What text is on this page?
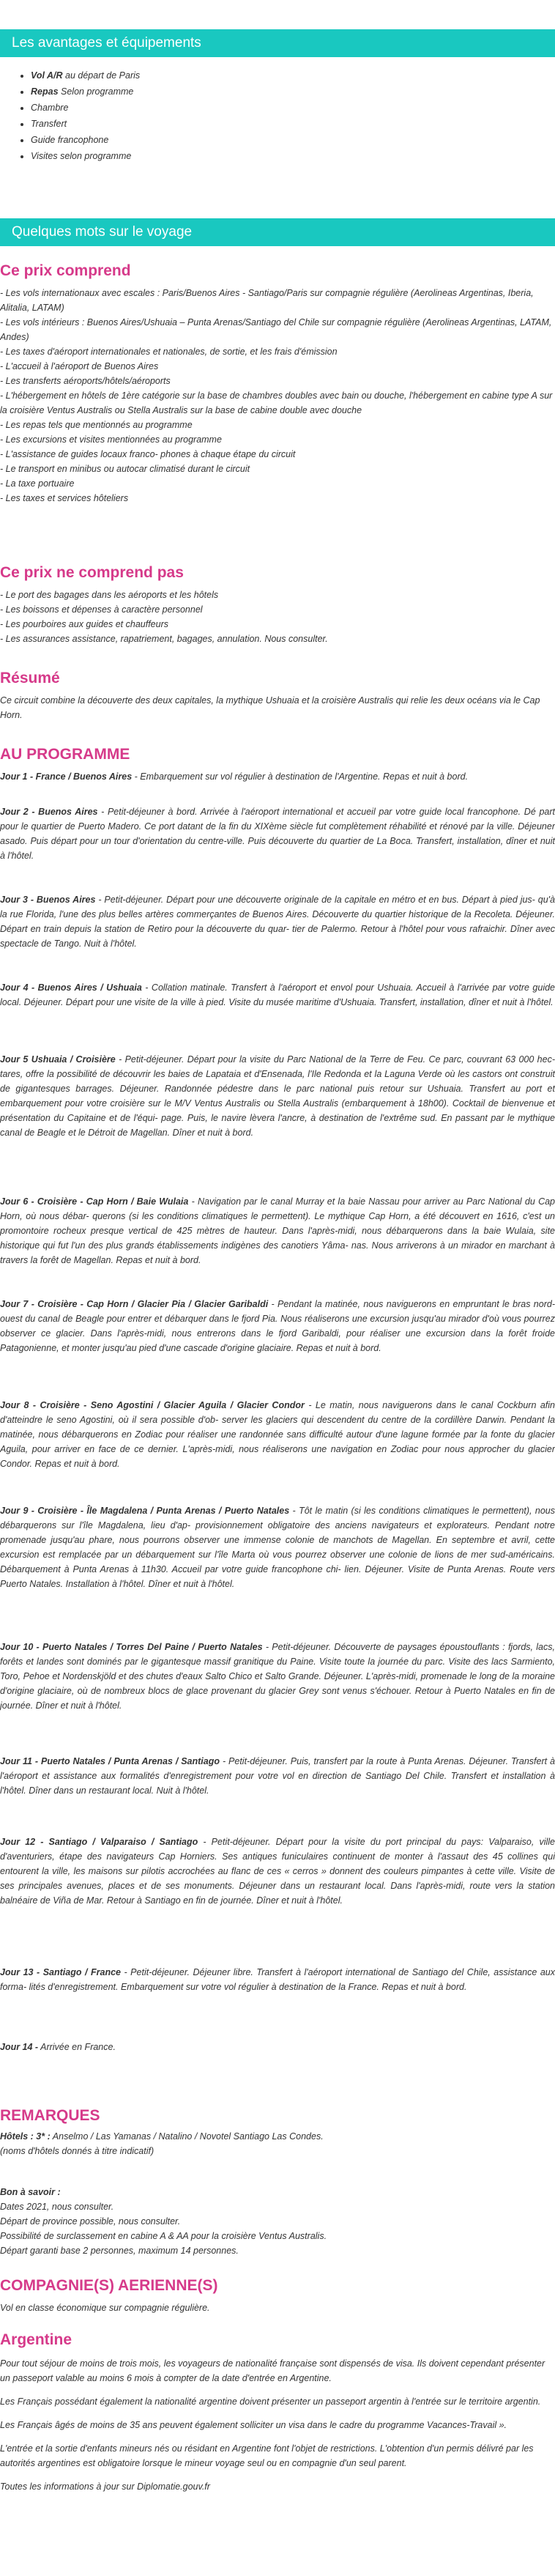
Les avantages et équipements
• Vol A/R au départ de Paris
• Repas Selon programme
• Chambre
• Transfert
• Guide francophone
• Visites selon programme
Quelques mots sur le voyage
Ce prix comprend

- Les vols internationaux avec escales : Paris/Buenos Aires - Santiago/Paris sur compagnie régulière (Aerolineas Argentinas, Iberia, Alitalia, LATAM)

- Les vols intérieurs : Buenos Aires/Ushuaia – Punta Arenas/Santiago del Chile sur compagnie régulière (Aerolineas Argentinas, LATAM, Andes)

- Les taxes d'aéroport internationales et nationales, de sortie, et les frais d'émission

- L'accueil à l'aéroport de Buenos Aires

- Les transferts aéroports/hôtels/aéroports

- L'hébergement en hôtels de 1ère catégorie sur la base de chambres doubles avec bain ou douche, l'hébergement en cabine type A sur la croisière Ventus Australis ou Stella Australis sur la base de cabine double avec douche

- Les repas tels que mentionnés au programme

- Les excursions et visites mentionnées au programme

- L'assistance de guides locaux franco- phones à chaque étape du circuit

- Le transport en minibus ou autocar climatisé durant le circuit

- La taxe portuaire

- Les taxes et services hôteliers

Ce prix ne comprend pas

- Le port des bagages dans les aéroports et les hôtels

- Les boissons et dépenses à caractère personnel

- Les pourboires aux guides et chauffeurs

- Les assurances assistance, rapatriement, bagages, annulation. Nous consulter.

Résumé
Ce circuit combine la découverte des deux capitales, la mythique Ushuaia et la croisière Australis qui relie les deux océans via le Cap Horn.
AU PROGRAMME
Jour 1 - France / Buenos Aires - Embarquement sur vol régulier à destination de l'Argentine. Repas et nuit à bord.
Jour 2 - Buenos Aires - Petit-déjeuner à bord. Arrivée à l'aéroport international et accueil par votre guide local francophone. Dé part pour le quartier de Puerto Madero. Ce port datant de la fin du XIXème siècle fut complètement réhabilité et rénové par la ville. Déjeuner asado. Puis départ pour un tour d'orientation du centre-ville. Puis découverte du quartier de La Boca. Transfert, installation, dîner et nuit à l'hôtel.
Jour 3 - Buenos Aires - Petit-déjeuner. Départ pour une découverte originale de la capitale en métro et en bus. Départ à pied jus- qu'à la rue Florida, l'une des plus belles artères commerçantes de Buenos Aires. Découverte du quartier historique de la Recoleta. Déjeuner. Départ en train depuis la station de Retiro pour la découverte du quar- tier de Palermo. Retour à l'hôtel pour vous rafraichir. Dîner avec spectacle de Tango. Nuit à l'hôtel.
Jour 4 - Buenos Aires / Ushuaia - Collation matinale. Transfert à l'aéroport et envol pour Ushuaia. Accueil à l'arrivée par votre guide local. Déjeuner. Départ pour une visite de la ville à pied. Visite du musée maritime d'Ushuaia. Transfert, installation, dîner et nuit à l'hôtel.
Jour 5 Ushuaia / Croisière - Petit-déjeuner. Départ pour la visite du Parc National de la Terre de Feu. Ce parc, couvrant 63 000 hec- tares, offre la possibilité de découvrir les baies de Lapataia et d'Ensenada, l'Ile Redonda et la Laguna Verde où les castors ont construit de gigantesques barrages. Déjeuner. Randonnée pédestre dans le parc national puis retour sur Ushuaia. Transfert au port et embarquement pour votre croisière sur le M/V Ventus Australis ou Stella Australis (embarquement à 18h00). Cocktail de bienvenue et présentation du Capitaine et de l'équi- page. Puis, le navire lèvera l'ancre, à destination de l'extrême sud. En passant par le mythique canal de Beagle et le Détroit de Magellan. Dîner et nuit à bord.
Jour 6 - Croisière - Cap Horn / Baie Wulaia - Navigation par le canal Murray et la baie Nassau pour arriver au Parc National du Cap Horn, où nous débar- querons (si les conditions climatiques le permettent). Le mythique Cap Horn, a été découvert en 1616, c'est un promontoire rocheux presque vertical de 425 mètres de hauteur. Dans l'après-midi, nous débarquerons dans la baie Wulaia, site historique qui fut l'un des plus grands établissements indigènes des canotiers Yâma- nas. Nous arriverons à un mirador en marchant à travers la forêt de Magellan. Repas et nuit à bord.
Jour 7 - Croisière - Cap Horn / Glacier Pia / Glacier Garibaldi - Pendant la matinée, nous naviguerons en empruntant le bras nord-ouest du canal de Beagle pour entrer et débarquer dans le fjord Pia. Nous réaliserons une excursion jusqu'au mirador d'où vous pourrez observer ce glacier. Dans l'après-midi, nous entrerons dans le fjord Garibaldi, pour réaliser une excursion dans la forêt froide Patagonienne, et monter jusqu'au pied d'une cascade d'origine glaciaire. Repas et nuit à bord.
Jour 8 - Croisière - Seno Agostini / Glacier Aguila / Glacier Condor - Le matin, nous naviguerons dans le canal Cockburn afin d'atteindre le seno Agostini, où il sera possible d'ob- server les glaciers qui descendent du centre de la cordillère Darwin. Pendant la matinée, nous débarquerons en Zodiac pour réaliser une randonnée sans difficulté autour d'une lagune formée par la fonte du glacier Aguila, pour arriver en face de ce dernier. L'après-midi, nous réaliserons une navigation en Zodiac pour nous approcher du glacier Condor. Repas et nuit à bord.
Jour 9 - Croisière - Île Magdalena / Punta Arenas / Puerto Natales - Tôt le matin (si les conditions climatiques le permettent), nous débarquerons sur l'île Magdalena, lieu d'ap- provisionnement obligatoire des anciens navigateurs et explorateurs. Pendant notre promenade jusqu'au phare, nous pourrons observer une immense colonie de manchots de Magellan. En septembre et avril, cette excursion est remplacée par un débarquement sur l'île Marta où vous pourrez observer une colonie de lions de mer sud-américains. Débarquement à Punta Arenas à 11h30. Accueil par votre guide francophone chi- lien. Déjeuner. Visite de Punta Arenas. Route vers Puerto Natales. Installation à l'hôtel. Dîner et nuit à l'hôtel.
Jour 10 - Puerto Natales / Torres Del Paine / Puerto Natales - Petit-déjeuner. Découverte de paysages époustouflants : fjords, lacs, forêts et landes sont dominés par le gigantesque massif granitique du Paine. Visite toute la journée du parc. Visite des lacs Sarmiento, Toro, Pehoe et Nordenskjöld et des chutes d'eaux Salto Chico et Salto Grande. Déjeuner. L'après-midi, promenade le long de la moraine d'origine glaciaire, où de nombreux blocs de glace provenant du glacier Grey sont venus s'échouer. Retour à Puerto Natales en fin de journée. Dîner et nuit à l'hôtel.
Jour 11 - Puerto Natales / Punta Arenas / Santiago - Petit-déjeuner. Puis, transfert par la route à Punta Arenas. Déjeuner. Transfert à l'aéroport et assistance aux formalités d'enregistrement pour votre vol en direction de Santiago Del Chile. Transfert et installation à l'hôtel. Dîner dans un restaurant local. Nuit à l'hôtel.
Jour 12 - Santiago / Valparaiso / Santiago - Petit-déjeuner. Départ pour la visite du port principal du pays: Valparaiso, ville d'aventuriers, étape des navigateurs Cap Horniers. Ses antiques funiculaires continuent de monter à l'assaut des 45 collines qui entourent la ville, les maisons sur pilotis accrochées au flanc de ces « cerros » donnent des couleurs pimpantes à cette ville. Visite de ses principales avenues, places et de ses monuments. Déjeuner dans un restaurant local. Dans l'après-midi, route vers la station balnéaire de Viña de Mar. Retour à Santiago en fin de journée. Dîner et nuit à l'hôtel.
Jour 13 - Santiago / France - Petit-déjeuner. Déjeuner libre. Transfert à l'aéroport international de Santiago del Chile, assistance aux forma- lités d'enregistrement. Embarquement sur votre vol régulier à destination de la France. Repas et nuit à bord.
Jour 14 - Arrivée en France.
REMARQUES

Hôtels : 3* : Anselmo / Las Yamanas / Natalino / Novotel Santiago Las Condes.

(noms d'hôtels donnés à titre indicatif)

Bon à savoir :

Dates 2021, nous consulter.

Départ de province possible, nous consulter.

Possibilité de surclassement en cabine A & AA pour la croisière Ventus Australis.

Départ garanti base 2 personnes, maximum 14 personnes.

COMPAGNIE(S) AERIENNE(S)
Vol en classe économique sur compagnie régulière.
Argentine

Pour tout séjour de moins de trois mois, les voyageurs de nationalité française sont dispensés de visa. Ils doivent cependant présenter un passeport valable au moins 6 mois à compter de la date d'entrée en Argentine.

Les Français possédant également la nationalité argentine doivent présenter un passeport argentin à l'entrée sur le territoire argentin.

Les Français âgés de moins de 35 ans peuvent également solliciter un visa dans le cadre du programme Vacances-Travail ».

L'entrée et la sortie d'enfants mineurs nés ou résidant en Argentine font l'objet de restrictions. L'obtention d'un permis délivré par les autorités argentines est obligatoire lorsque le mineur voyage seul ou en compagnie d'un seul parent.

Toutes les informations à jour sur Diplomatie.gouv.fr
